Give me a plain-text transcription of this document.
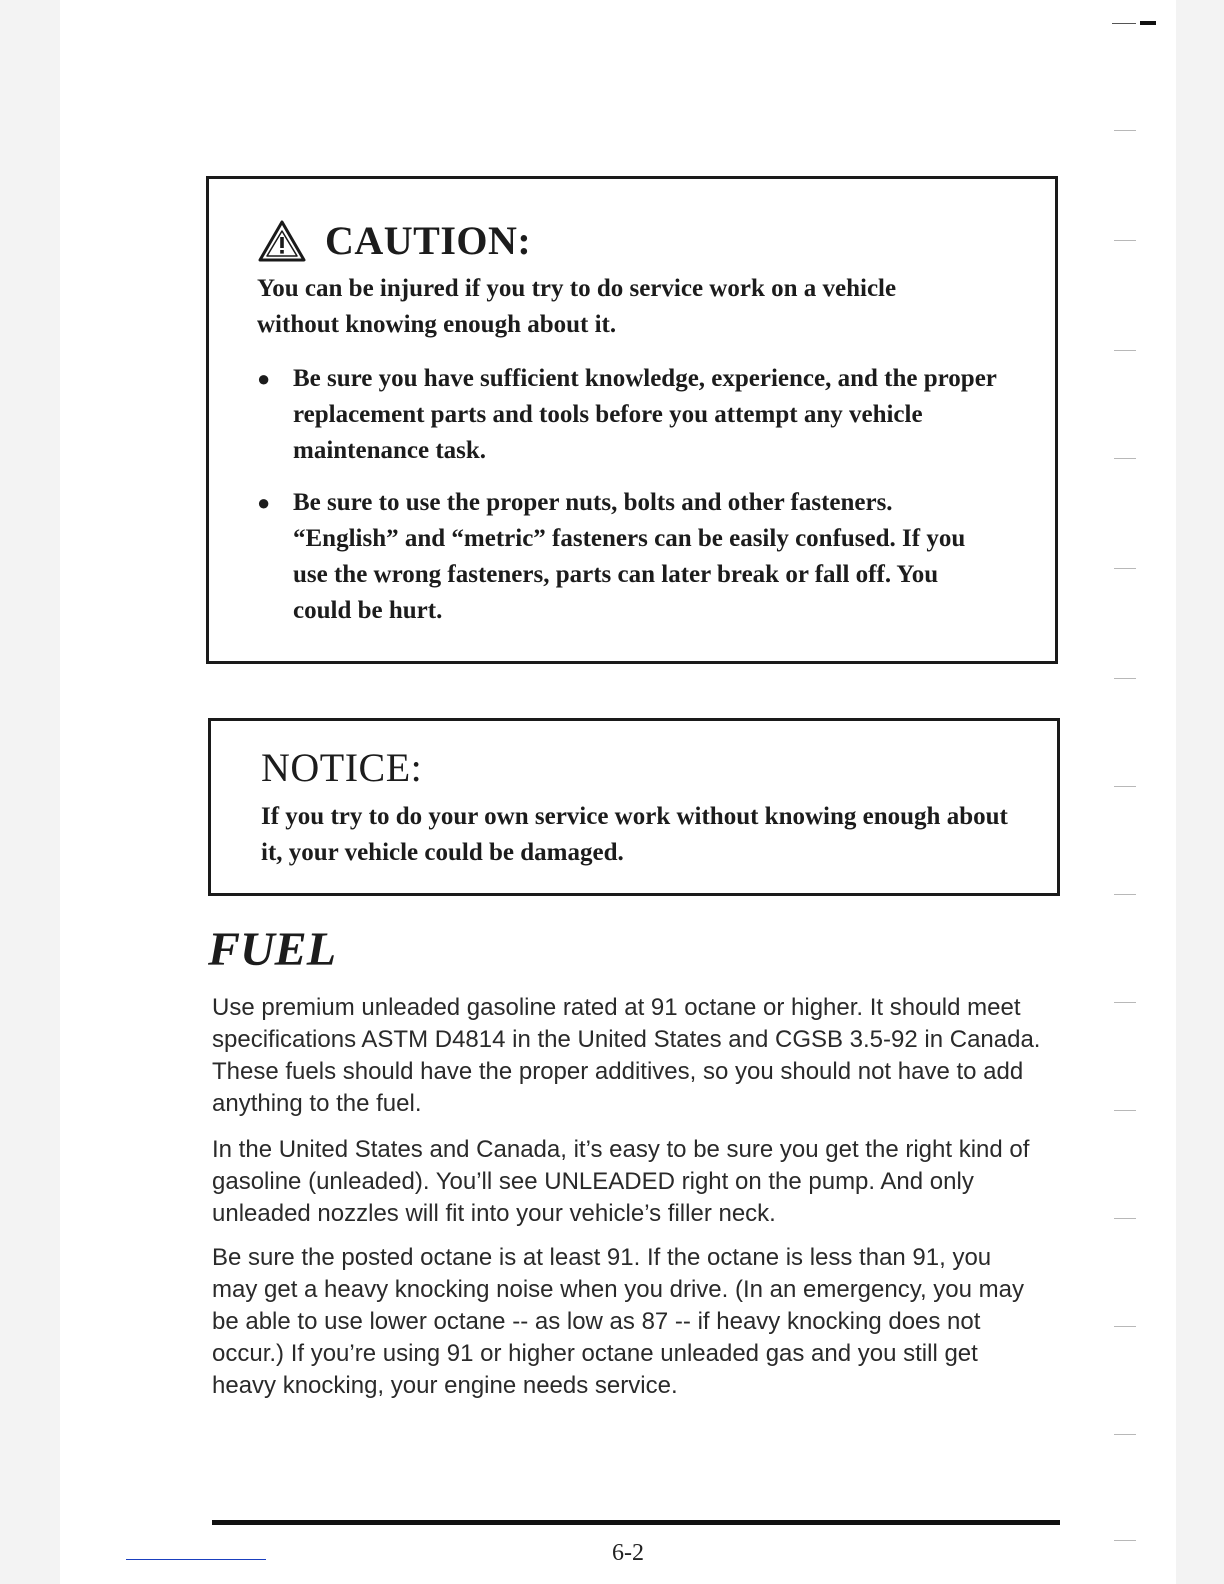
CAUTION:
You can be injured if you try to do service work on a vehicle without knowing enough about it.
● Be sure you have sufficient knowledge, experience, and the proper replacement parts and tools before you attempt any vehicle maintenance task.
● Be sure to use the proper nuts, bolts and other fasteners. “English” and “metric” fasteners can be easily confused. If you use the wrong fasteners, parts can later break or fall off. You could be hurt.
NOTICE:
If you try to do your own service work without knowing enough about it, your vehicle could be damaged.
FUEL

Use premium unleaded gasoline rated at 91 octane or higher. It should meet specifications ASTM D4814 in the United States and CGSB 3.5-92 in Canada. These fuels should have the proper additives, so you should not have to add anything to the fuel.

In the United States and Canada, it’s easy to be sure you get the right kind of gasoline (unleaded). You’ll see UNLEADED right on the pump. And only unleaded nozzles will fit into your vehicle’s filler neck.

Be sure the posted octane is at least 91. If the octane is less than 91, you may get a heavy knocking noise when you drive. (In an emergency, you may be able to use lower octane -- as low as 87 -- if heavy knocking does not occur.) If you’re using 91 or higher octane unleaded gas and you still get heavy knocking, your engine needs service.

6-2
